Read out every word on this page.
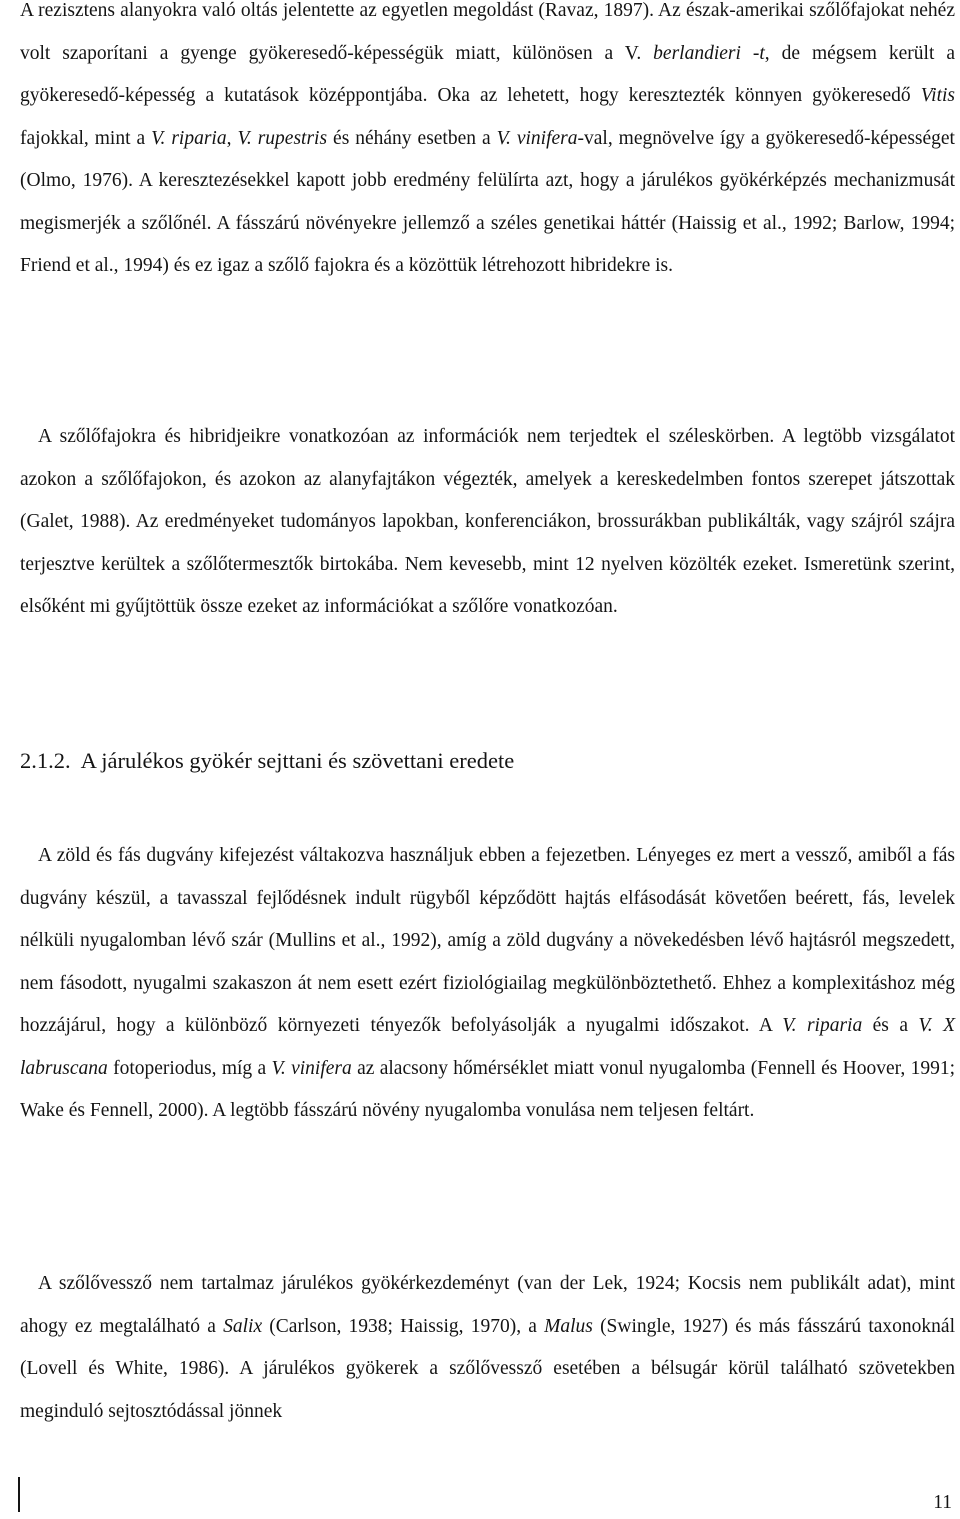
A rezisztens alanyokra való oltás jelentette az egyetlen megoldást (Ravaz, 1897). Az észak-amerikai szőlőfajokat nehéz volt szaporítani a gyenge gyökeresedő-képességük miatt, különösen a V. berlandieri -t, de mégsem került a gyökeresedő-képesség a kutatások középpontjába. Oka az lehetett, hogy keresztezték könnyen gyökeresedő Vitis fajokkal, mint a V. riparia, V. rupestris és néhány esetben a V. vinifera-val, megnövelve így a gyökeresedő-képességet (Olmo, 1976). A keresztezésekkel kapott jobb eredmény felülírta azt, hogy a járulékos gyökérképzés mechanizmusát megismerjék a szőlőnél. A fásszárú növényekre jellemző a széles genetikai háttér (Haissig et al., 1992; Barlow, 1994; Friend et al., 1994) és ez igaz a szőlő fajokra és a közöttük létrehozott hibridekre is.

A szőlőfajokra és hibridjeikre vonatkozóan az információk nem terjedtek el széleskörben. A legtöbb vizsgálatot azokon a szőlőfajokon, és azokon az alanyfajtákon végezték, amelyek a kereskedelmben fontos szerepet játszottak (Galet, 1988). Az eredményeket tudományos lapokban, konferenciákon, brossurákban publikálták, vagy szájról szájra terjesztve kerültek a szőlőtermesztők birtokába. Nem kevesebb, mint 12 nyelven közölték ezeket. Ismeretünk szerint, elsőként mi gyűjtöttük össze ezeket az információkat a szőlőre vonatkozóan.

2.1.2. A járulékos gyökér sejttani és szövettani eredete

A zöld és fás dugvány kifejezést váltakozva használjuk ebben a fejezetben. Lényeges ez mert a vessző, amiből a fás dugvány készül, a tavasszal fejlődésnek indult rügyből képződött hajtás elfásodását követően beérett, fás, levelek nélküli nyugalomban lévő szár (Mullins et al., 1992), amíg a zöld dugvány a növekedésben lévő hajtásról megszedett, nem fásodott, nyugalmi szakaszon át nem esett ezért fiziológiailag megkülönböztethető. Ehhez a komplexitáshoz még hozzájárul, hogy a különböző környezeti tényezők befolyásolják a nyugalmi időszakot. A V. riparia és a V. X labruscana fotoperiodus, míg a V. vinifera az alacsony hőmérséklet miatt vonul nyugalomba (Fennell és Hoover, 1991; Wake és Fennell, 2000). A legtöbb fásszárú növény nyugalomba vonulása nem teljesen feltárt.

A szőlővessző nem tartalmaz járulékos gyökérkezdeményt (van der Lek, 1924; Kocsis nem publikált adat), mint ahogy ez megtalálható a Salix (Carlson, 1938; Haissig, 1970), a Malus (Swingle, 1927) és más fásszárú taxonoknál (Lovell és White, 1986). A járulékos gyökerek a szőlővessző esetében a bélsugár körül található szövetekben meginduló sejtosztódással jönnek

11
